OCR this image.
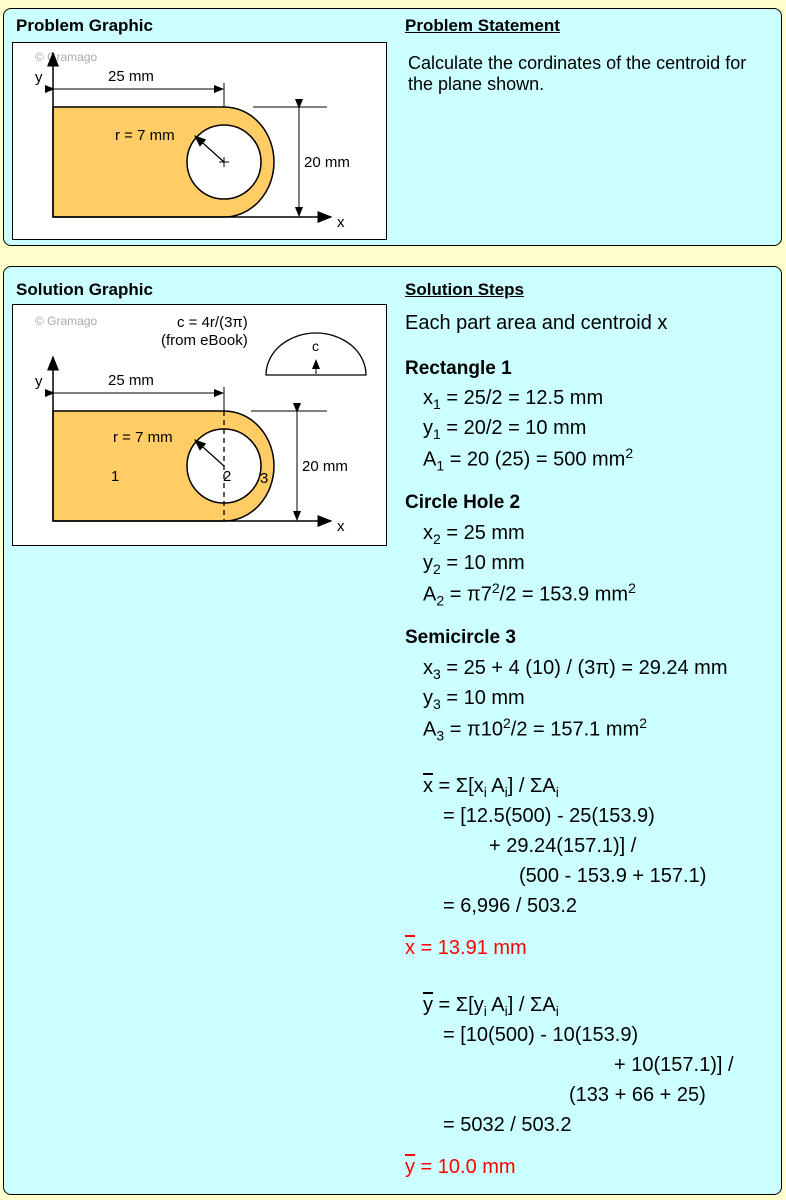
Problem Graphic	Problem Statement
Calculate the cordinates of the centroid for the plane shown.
© Gramago
r = 7 mm
y
x
25 mm
20 mm
Solution Graphic	Solution Steps
© Gramago	c = 4r/(3π)
(from eBook)	c
r = 7 mm
1	2 3
y
x
25 mm
20 mm
Each part area and centroid x
Rectangle 1
$x_1 = 25/2 = 12.5$ mm
$y_1 = 20/2 = 10$ mm
$A_1 = 20$ (25) = 500 $mm^2$
Circle Hole 2
$x_2 = 25$ mm
$y_2 = 10$ mm
$A_2 = \pi 7^2/2 = 153.9$ $mm^2$
Semicircle 3
$x_3 = 25 + 4$ (10) / (3π) = 29.24 mm
$y_3 = 10$ mm
$A_3 = \pi 10^2/2 = 157.1$ $mm^2$
$\overline{x} = \Sigma[x_i$ $A_i] / \Sigma A_i$
= [12.5(500) - 25(153.9)
+ 29.24(157.1)] /
(500 - 153.9 + 157.1)
= 6,996 / 503.2
$\overline{x} = 13.91$ mm
$\overline{y} = \Sigma[y_i$ $A_i] / \Sigma A_i$
= [10(500) - 10(153.9)
+ 10(157.1)] /
(133 + 66 + 25)
= 5032 / 503.2
$\overline{y} = 10.0$ mm
